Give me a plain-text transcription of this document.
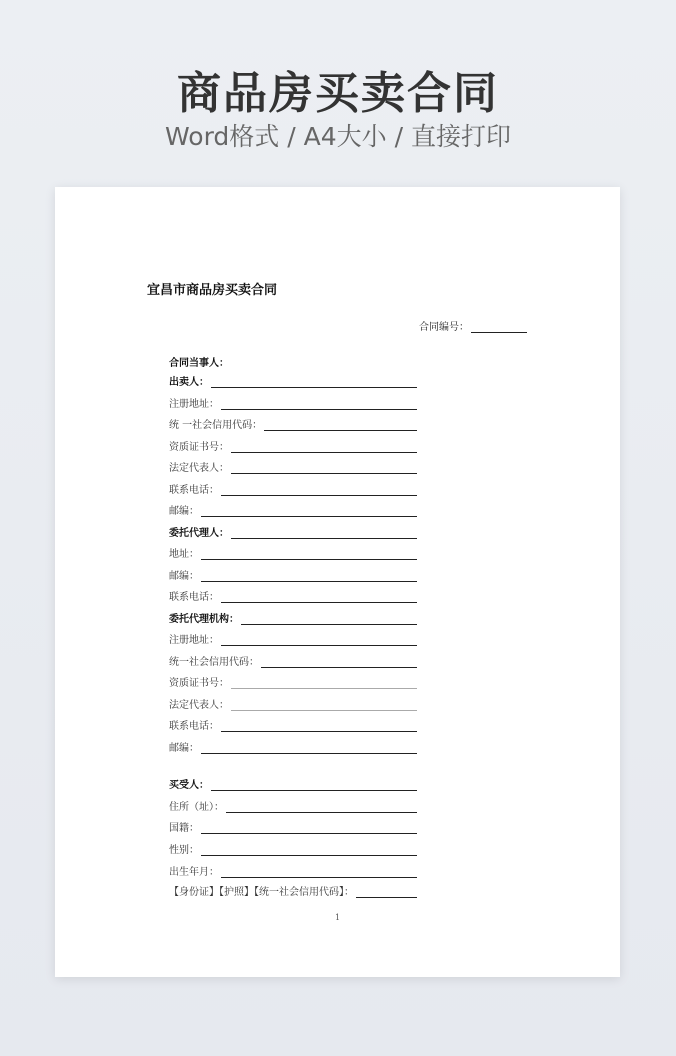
商品房买卖合同
Word格式 / A4大小 / 直接打印
宜昌市商品房买卖合同
合同编号：
合同当事人：
出卖人：
注册地址：
统 一社会信用代码：
资质证书号：
法定代表人：
联系电话：
邮编：
委托代理人：
地址：
邮编：
联系电话：
委托代理机构：
注册地址：
统一社会信用代码：
资质证书号：
法定代表人：
联系电话：
邮编：
买受人：
住所（址）：
国籍：
性别：
出生年月：
【身份证】【护照】【统一社会信用代码】：
1
